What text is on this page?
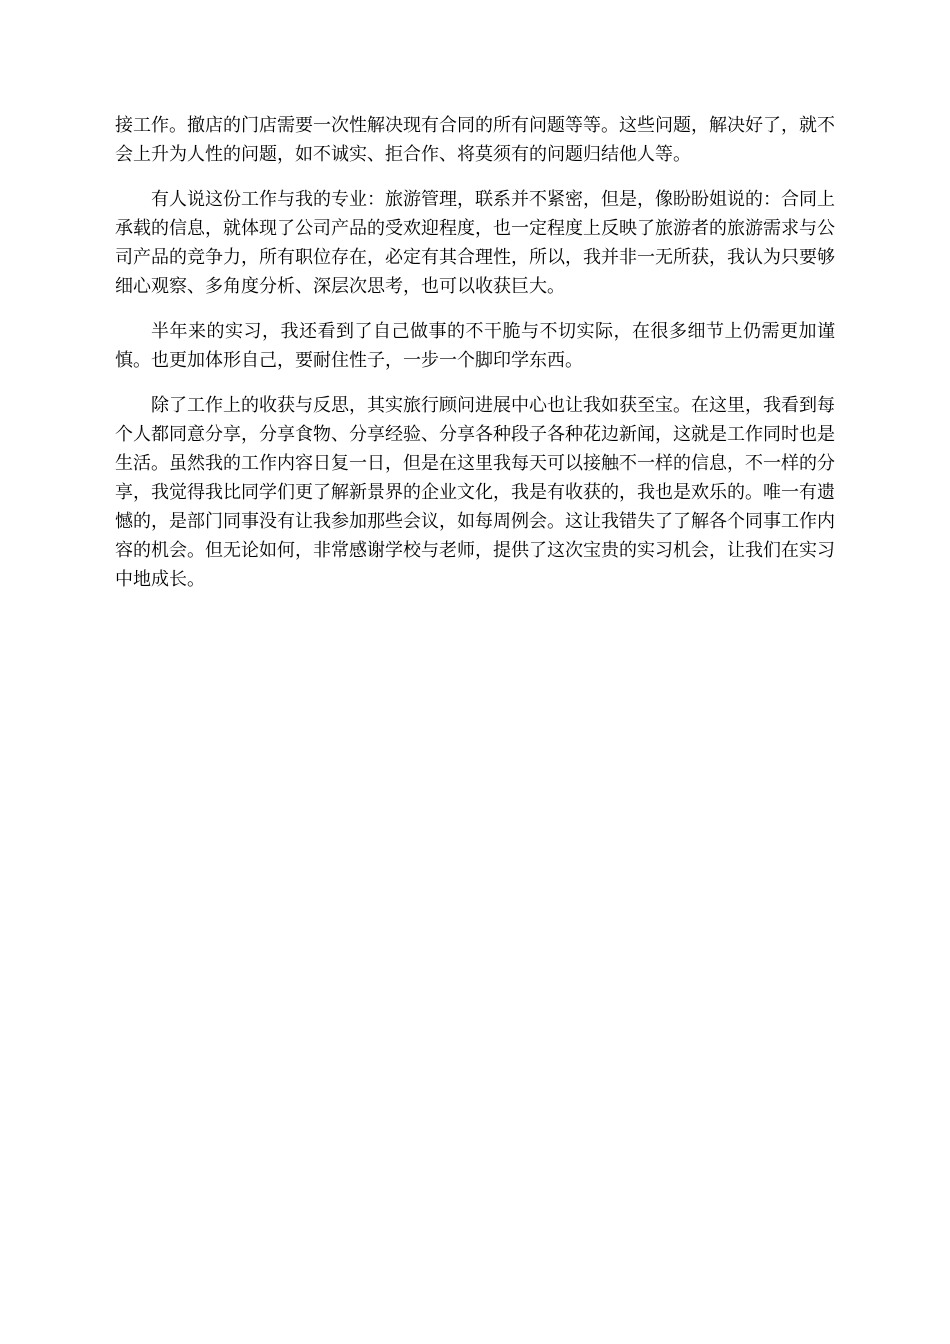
接工作。撤店的门店需要一次性解决现有合同的所有问题等等。这些问题，解决好了，就不会上升为人性的问题，如不诚实、拒合作、将莫须有的问题归结他人等。

有人说这份工作与我的专业：旅游管理，联系并不紧密，但是，像盼盼姐说的：合同上承载的信息，就体现了公司产品的受欢迎程度，也一定程度上反映了旅游者的旅游需求与公司产品的竞争力，所有职位存在，必定有其合理性，所以，我并非一无所获，我认为只要够细心观察、多角度分析、深层次思考，也可以收获巨大。

半年来的实习，我还看到了自己做事的不干脆与不切实际，在很多细节上仍需更加谨慎。也更加体形自己，要耐住性子，一步一个脚印学东西。

除了工作上的收获与反思，其实旅行顾问进展中心也让我如获至宝。在这里，我看到每个人都同意分享，分享食物、分享经验、分享各种段子各种花边新闻，这就是工作同时也是生活。虽然我的工作内容日复一日，但是在这里我每天可以接触不一样的信息，不一样的分享，我觉得我比同学们更了解新景界的企业文化，我是有收获的，我也是欢乐的。唯一有遗憾的，是部门同事没有让我参加那些会议，如每周例会。这让我错失了了解各个同事工作内容的机会。但无论如何，非常感谢学校与老师，提供了这次宝贵的实习机会，让我们在实习中地成长。
